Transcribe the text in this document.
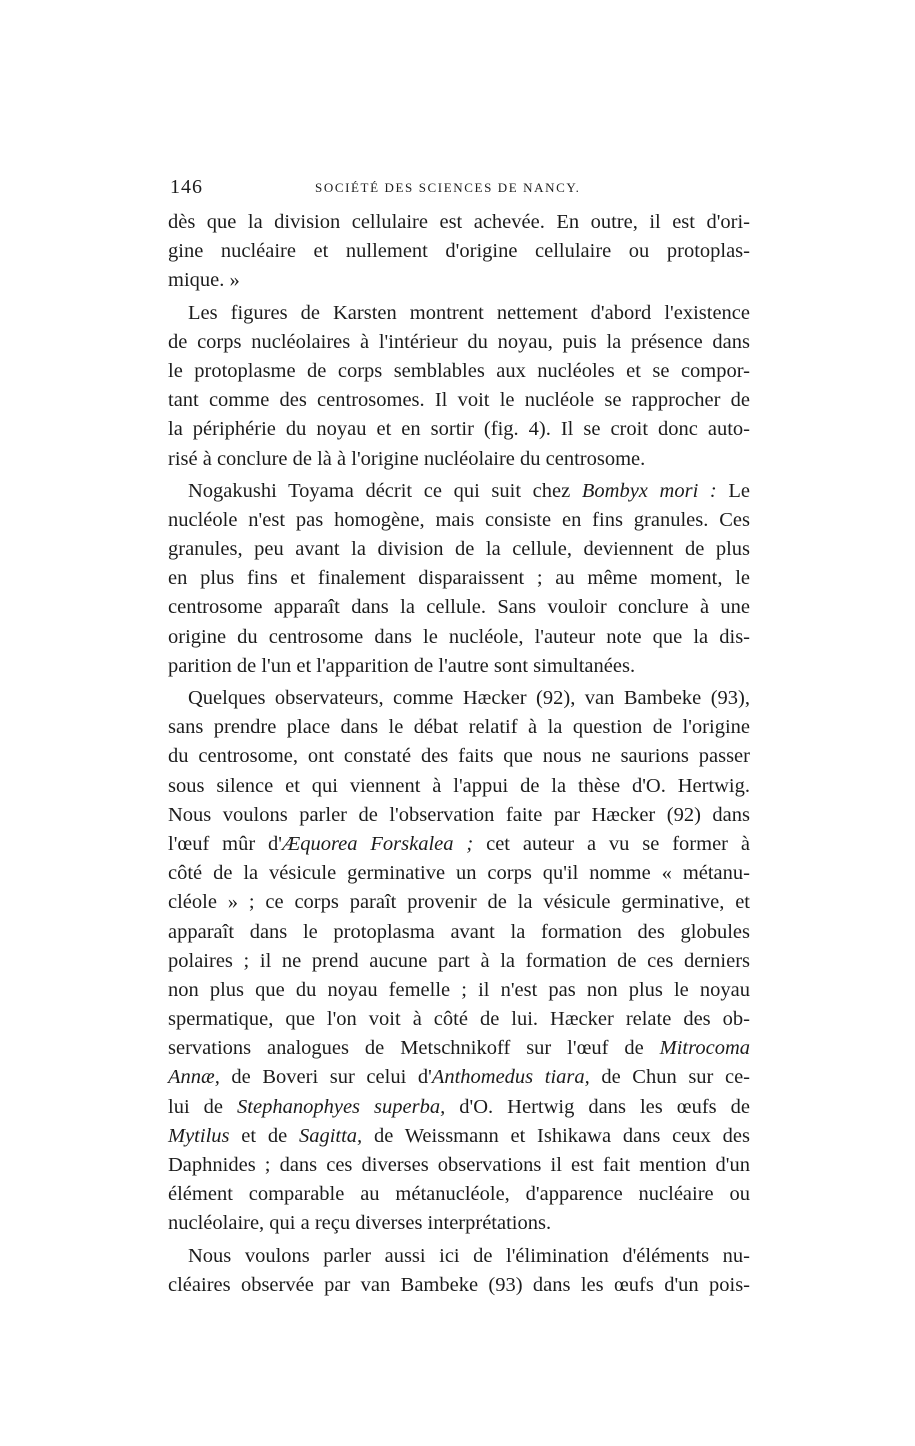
146	SOCIÉTÉ DES SCIENCES DE NANCY.
dès que la division cellulaire est achevée. En outre, il est d'ori-
gine nucléaire et nullement d'origine cellulaire ou protoplas-
mique. »
Les figures de Karsten montrent nettement d'abord l'existence
de corps nucléolaires à l'intérieur du noyau, puis la présence dans
le protoplasme de corps semblables aux nucléoles et se compor-
tant comme des centrosomes. Il voit le nucléole se rapprocher de
la périphérie du noyau et en sortir (fig. 4). Il se croit donc auto-
risé à conclure de là à l'origine nucléolaire du centrosome.
Nogakushi Toyama décrit ce qui suit chez Bombyx mori : Le
nucléole n'est pas homogène, mais consiste en fins granules. Ces
granules, peu avant la division de la cellule, deviennent de plus
en plus fins et finalement disparaissent ; au même moment, le
centrosome apparaît dans la cellule. Sans vouloir conclure à une
origine du centrosome dans le nucléole, l'auteur note que la dis-
parition de l'un et l'apparition de l'autre sont simultanées.
Quelques observateurs, comme Hæcker (92), van Bambeke (93),
sans prendre place dans le débat relatif à la question de l'origine
du centrosome, ont constaté des faits que nous ne saurions passer
sous silence et qui viennent à l'appui de la thèse d'O. Hertwig.
Nous voulons parler de l'observation faite par Hæcker (92) dans
l'œuf mûr d'Æquorea Forskalea ; cet auteur a vu se former à
côté de la vésicule germinative un corps qu'il nomme « métanu-
cléole » ; ce corps paraît provenir de la vésicule germinative, et
apparaît dans le protoplasma avant la formation des globules
polaires ; il ne prend aucune part à la formation de ces derniers
non plus que du noyau femelle ; il n'est pas non plus le noyau
spermatique, que l'on voit à côté de lui. Hæcker relate des ob-
servations analogues de Metschnikoff sur l'œuf de Mitrocoma
Annæ, de Boveri sur celui d'Anthomedus tiara, de Chun sur ce-
lui de Stephanophyes superba, d'O. Hertwig dans les œufs de
Mytilus et de Sagitta, de Weissmann et Ishikawa dans ceux des
Daphnides ; dans ces diverses observations il est fait mention d'un
élément comparable au métanucléole, d'apparence nucléaire ou
nucléolaire, qui a reçu diverses interprétations.
Nous voulons parler aussi ici de l'élimination d'éléments nu-
cléaires observée par van Bambeke (93) dans les œufs d'un pois-
